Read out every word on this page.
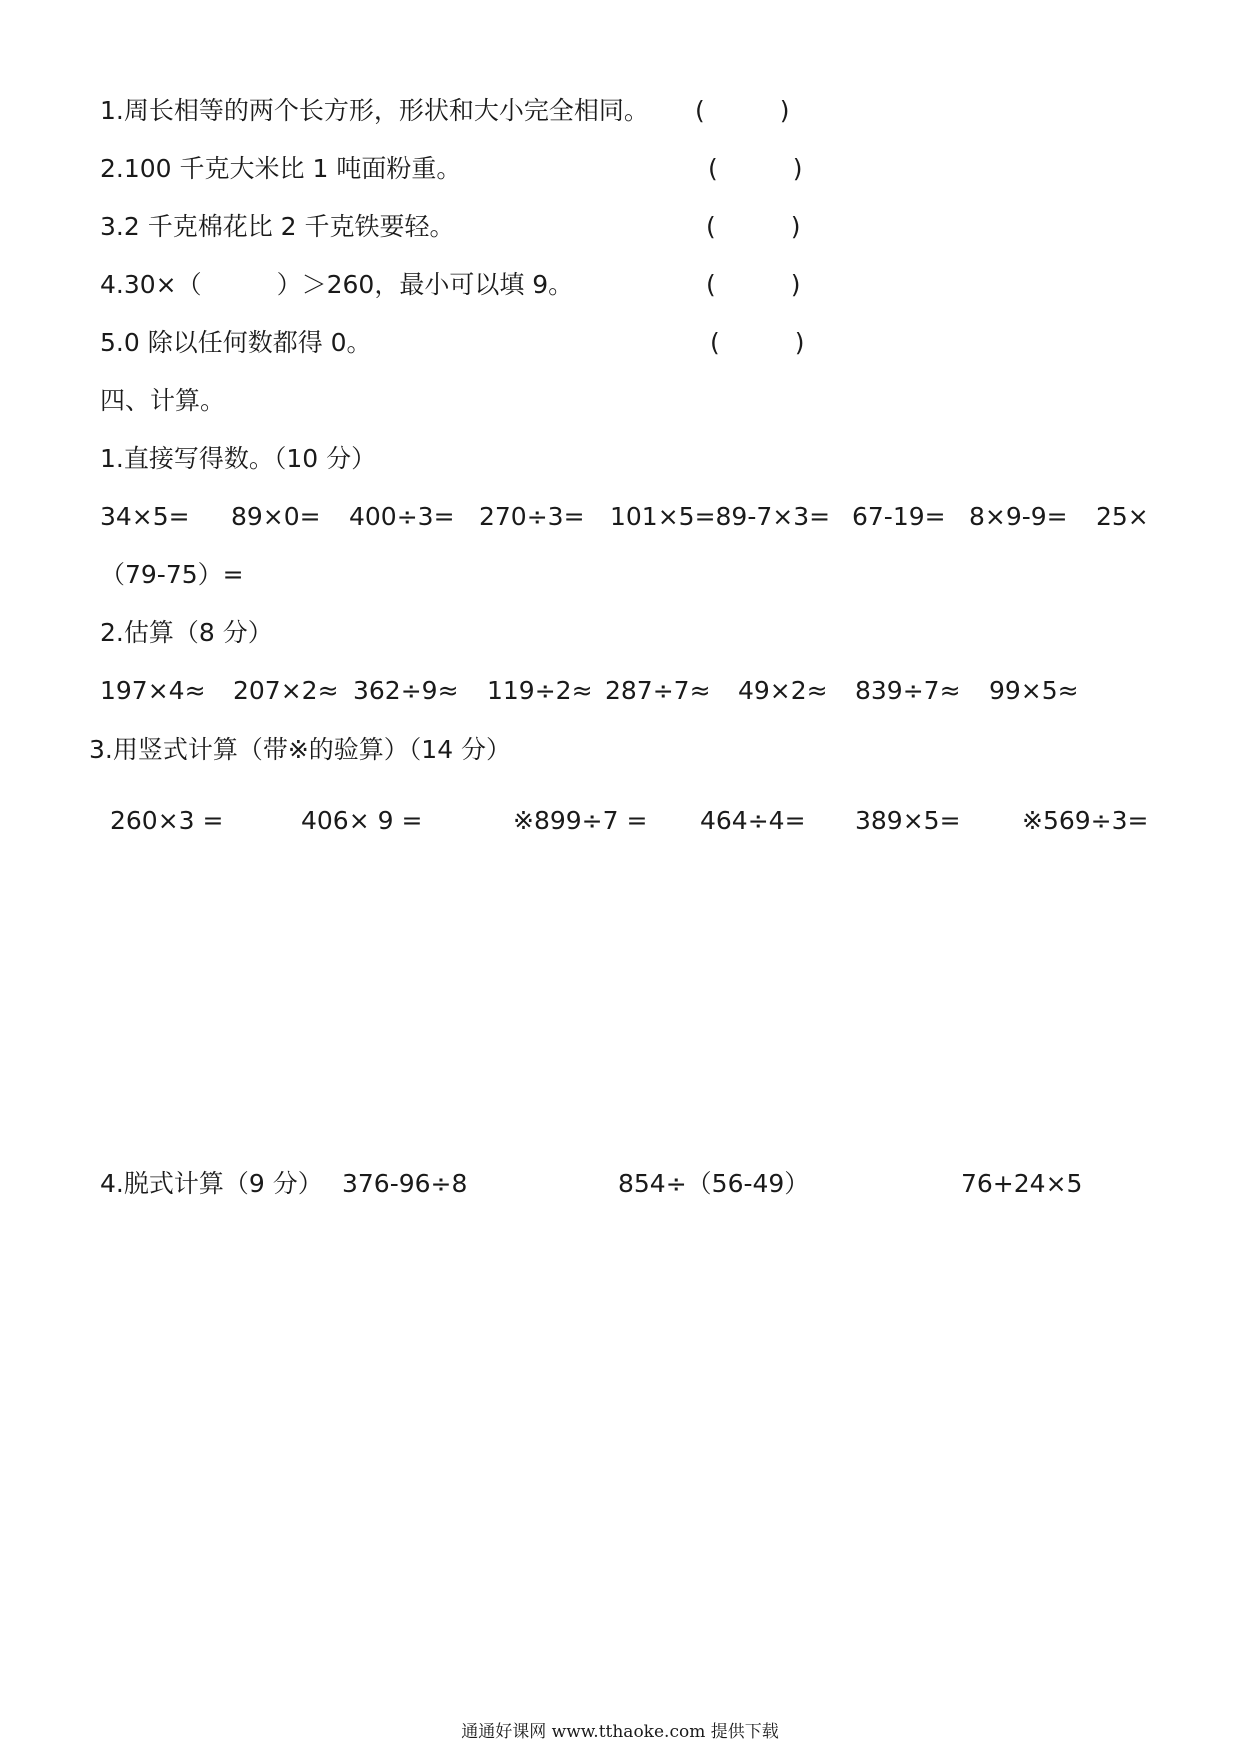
1.周长相等的两个长方形，形状和大小完全相同。 (　　　)
2.100 千克大米比 1 吨面粉重。	(　　　)
3.2 千克棉花比 2 千克铁要轻。	(　　　)
4.30×（　　　）＞260，最小可以填 9。	(　　　)
5.0 除以任何数都得 0。	(　　　)
四、计算。
1.直接写得数。（10 分）
34×5= 89×0= 400÷3= 270÷3= 101×5=89-7×3= 67-19= 8×9-9= 25×
（79-75）=
2.估算（8 分）
197×4≈ 207×2≈ 362÷9≈ 119÷2≈ 287÷7≈ 49×2≈ 839÷7≈ 99×5≈
3.用竖式计算（带※的验算）（14 分）
260×3 =	406× 9 =	※899÷7 = 464÷4= 389×5= ※569÷3=
4.脱式计算（9 分） 376-96÷8	854÷（56-49）	76+24×5
通通好课网 www.tthaoke.com 提供下载
